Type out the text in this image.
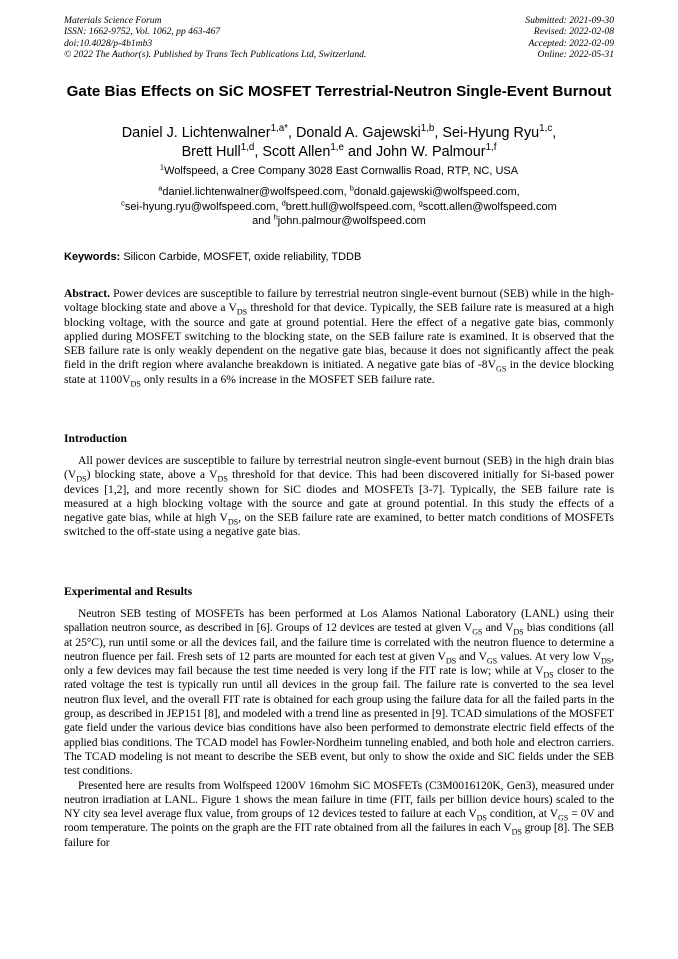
Materials Science Forum
ISSN: 1662-9752, Vol. 1062, pp 463-467
doi:10.4028/p-4b1mb3
© 2022 The Author(s). Published by Trans Tech Publications Ltd, Switzerland.
Submitted: 2021-09-30
Revised: 2022-02-08
Accepted: 2022-02-09
Online: 2022-05-31
Gate Bias Effects on SiC MOSFET Terrestrial-Neutron Single-Event Burnout
Daniel J. Lichtenwalner$^{1,a*}$, Donald A. Gajewski$^{1,b}$, Sei-Hyung Ryu$^{1,c}$,
Brett Hull$^{1,d}$, Scott Allen$^{1,e}$ and John W. Palmour$^{1,f}$
$^1$Wolfspeed, a Cree Company 3028 East Cornwallis Road, RTP, NC, USA
$^a$daniel.lichtenwalner@wolfspeed.com, $^b$donald.gajewski@wolfspeed.com,
$^c$sei-hyung.ryu@wolfspeed.com, $^d$brett.hull@wolfspeed.com, $^g$scott.allen@wolfspeed.com
and $^h$john.palmour@wolfspeed.com
Keywords: Silicon Carbide, MOSFET, oxide reliability, TDDB

Abstract. Power devices are susceptible to failure by terrestrial neutron single-event burnout (SEB) while in the high-voltage blocking state and above a $V_{DS}$ threshold for that device. Typically, the SEB failure rate is measured at a high blocking voltage, with the source and gate at ground potential. Here the effect of a negative gate bias, commonly applied during MOSFET switching to the blocking state, on the SEB failure rate is examined. It is observed that the SEB failure rate is only weakly dependent on the negative gate bias, because it does not significantly affect the peak field in the drift region where avalanche breakdown is initiated. A negative gate bias of $-8V_{GS}$ in the device blocking state at $1100V_{DS}$ only results in a 6% increase in the MOSFET SEB failure rate.

Introduction

All power devices are susceptible to failure by terrestrial neutron single-event burnout (SEB) in the high drain bias $(V_{DS})$ blocking state, above a $V_{DS}$ threshold for that device. This had been discovered initially for Si-based power devices [1,2], and more recently shown for SiC diodes and MOSFETs [3-7]. Typically, the SEB failure rate is measured at a high blocking voltage with the source and gate at ground potential. In this study the effects of a negative gate bias, while at high $V_{DS}$, on the SEB failure rate are examined, to better match conditions of MOSFETs switched to the off-state using a negative gate bias.

Experimental and Results

Neutron SEB testing of MOSFETs has been performed at Los Alamos National Laboratory (LANL) using their spallation neutron source, as described in [6]. Groups of 12 devices are tested at given $V_{GS}$ and $V_{DS}$ bias conditions (all at 25°C), run until some or all the devices fail, and the failure time is correlated with the neutron fluence to determine a neutron fluence per fail. Fresh sets of 12 parts are mounted for each test at given $V_{DS}$ and $V_{GS}$ values. At very low $V_{DS}$, only a few devices may fail because the test time needed is very long if the FIT rate is low; while at $V_{DS}$ closer to the rated voltage the test is typically run until all devices in the group fail. The failure rate is converted to the sea level neutron flux level, and the overall FIT rate is obtained for each group using the failure data for all the failed parts in the group, as described in JEP151 [8], and modeled with a trend line as presented in [9]. TCAD simulations of the MOSFET gate field under the various device bias conditions have also been performed to demonstrate electric field effects of the applied bias conditions. The TCAD model has Fowler-Nordheim tunneling enabled, and both hole and electron carriers. The TCAD modeling is not meant to describe the SEB event, but only to show the oxide and SiC fields under the SEB test conditions.

Presented here are results from Wolfspeed 1200V 16mohm SiC MOSFETs (C3M0016120K, Gen3), measured under neutron irradiation at LANL. Figure 1 shows the mean failure in time (FIT, fails per billion device hours) scaled to the NY city sea level average flux value, from groups of 12 devices tested to failure at each $V_{DS}$ condition, at $V_{GS} = 0V$ and room temperature. The points on the graph are the FIT rate obtained from all the failures in each $V_{DS}$ group [8]. The SEB failure for
